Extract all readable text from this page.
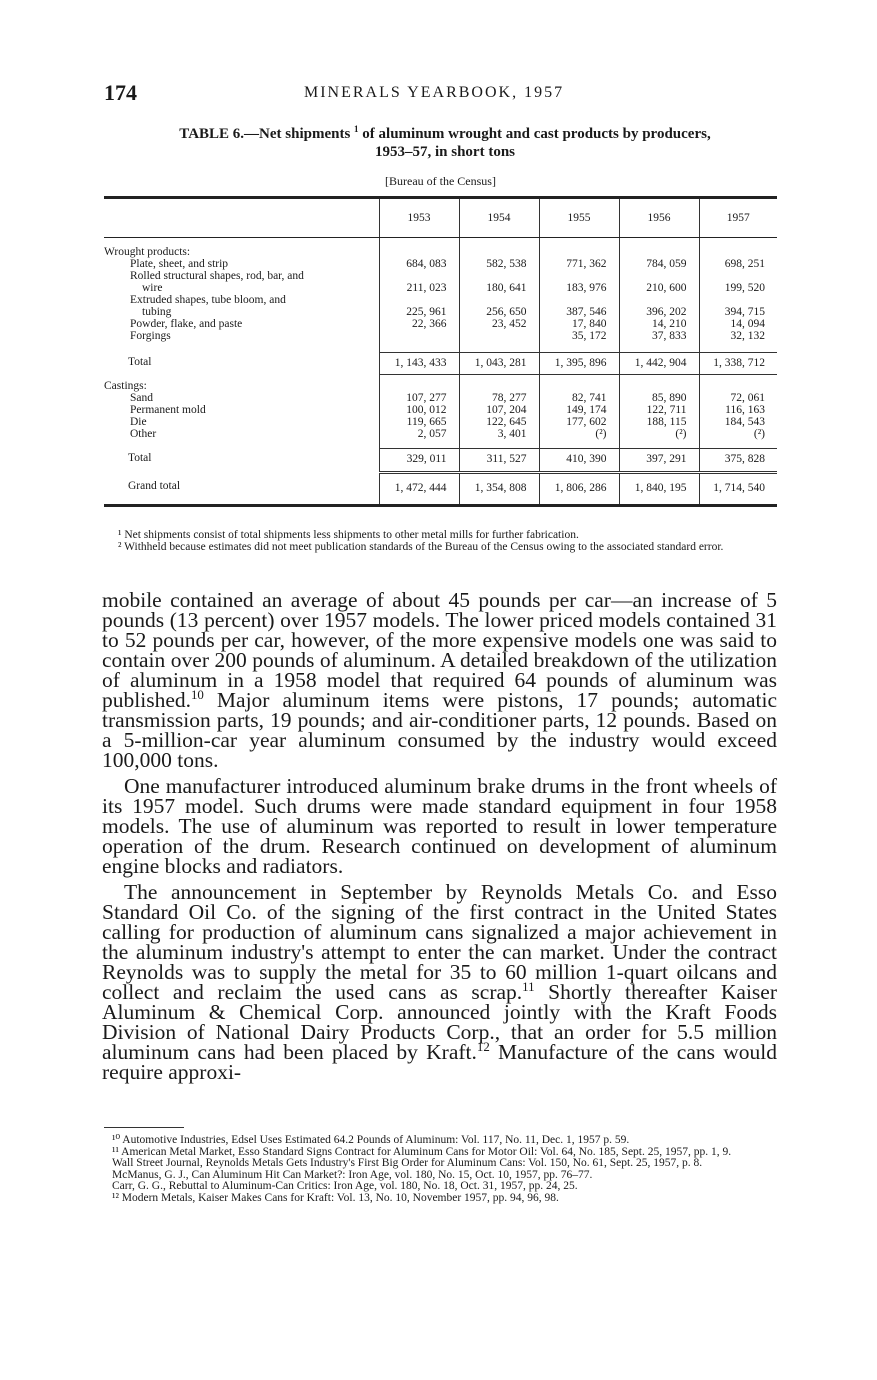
174	MINERALS YEARBOOK, 1957
TABLE 6.—Net shipments $^1$ of aluminum wrought and cast products by producers,
1953–57, in short tons
[Bureau of the Census]
	1953	1954	1955	1956	1957

Wrought products:					
Plate, sheet, and strip	684, 083	582, 538	771, 362	784, 059	698, 251
Rolled structural shapes, rod, bar, and					
wire	211, 023	180, 641	183, 976	210, 600	199, 520
Extruded shapes, tube bloom, and					
tubing	225, 961	256, 650	387, 546	396, 202	394, 715
Powder, flake, and paste	22, 366	23, 452	17, 840	14, 210	14, 094
Forgings			35, 172	37, 833	32, 132

Total	1, 143, 433	1, 043, 281	1, 395, 896	1, 442, 904	1, 338, 712

Castings:					
Sand	107, 277	78, 277	82, 741	85, 890	72, 061
Permanent mold	100, 012	107, 204	149, 174	122, 711	116, 163
Die	119, 665	122, 645	177, 602	188, 115	184, 543
Other	2, 057	3, 401	(²)	(²)	(²)

Total	329, 011	311, 527	410, 390	397, 291	375, 828
Grand total	1, 472, 444	1, 354, 808	1, 806, 286	1, 840, 195	1, 714, 540

¹ Net shipments consist of total shipments less shipments to other metal mills for further fabrication.

² Withheld because estimates did not meet publication standards of the Bureau of the Census owing to the associated standard error.

mobile contained an average of about 45 pounds per car—an increase of 5 pounds (13 percent) over 1957 models. The lower priced models contained 31 to 52 pounds per car, however, of the more expensive models one was said to contain over 200 pounds of aluminum. A detailed breakdown of the utilization of aluminum in a 1958 model that required 64 pounds of aluminum was published.$^{10}$ Major aluminum items were pistons, 17 pounds; automatic transmission parts, 19 pounds; and air-conditioner parts, 12 pounds. Based on a 5-million-car year aluminum consumed by the industry would exceed 100,000 tons.

One manufacturer introduced aluminum brake drums in the front wheels of its 1957 model. Such drums were made standard equipment in four 1958 models. The use of aluminum was reported to result in lower temperature operation of the drum. Research continued on development of aluminum engine blocks and radiators.

The announcement in September by Reynolds Metals Co. and Esso Standard Oil Co. of the signing of the first contract in the United States calling for production of aluminum cans signalized a major achievement in the aluminum industry's attempt to enter the can market. Under the contract Reynolds was to supply the metal for 35 to 60 million 1-quart oilcans and collect and reclaim the used cans as scrap.$^{11}$ Shortly thereafter Kaiser Aluminum & Chemical Corp. announced jointly with the Kraft Foods Division of National Dairy Products Corp., that an order for 5.5 million aluminum cans had been placed by Kraft.$^{12}$ Manufacture of the cans would require approxi-

¹⁰ Automotive Industries, Edsel Uses Estimated 64.2 Pounds of Aluminum: Vol. 117, No. 11, Dec. 1, 1957 p. 59.

¹¹ American Metal Market, Esso Standard Signs Contract for Aluminum Cans for Motor Oil: Vol. 64, No. 185, Sept. 25, 1957, pp. 1, 9.

Wall Street Journal, Reynolds Metals Gets Industry's First Big Order for Aluminum Cans: Vol. 150, No. 61, Sept. 25, 1957, p. 8.

McManus, G. J., Can Aluminum Hit Can Market?: Iron Age, vol. 180, No. 15, Oct. 10, 1957, pp. 76–77.

Carr, G. G., Rebuttal to Aluminum-Can Critics: Iron Age, vol. 180, No. 18, Oct. 31, 1957, pp. 24, 25.

¹² Modern Metals, Kaiser Makes Cans for Kraft: Vol. 13, No. 10, November 1957, pp. 94, 96, 98.
